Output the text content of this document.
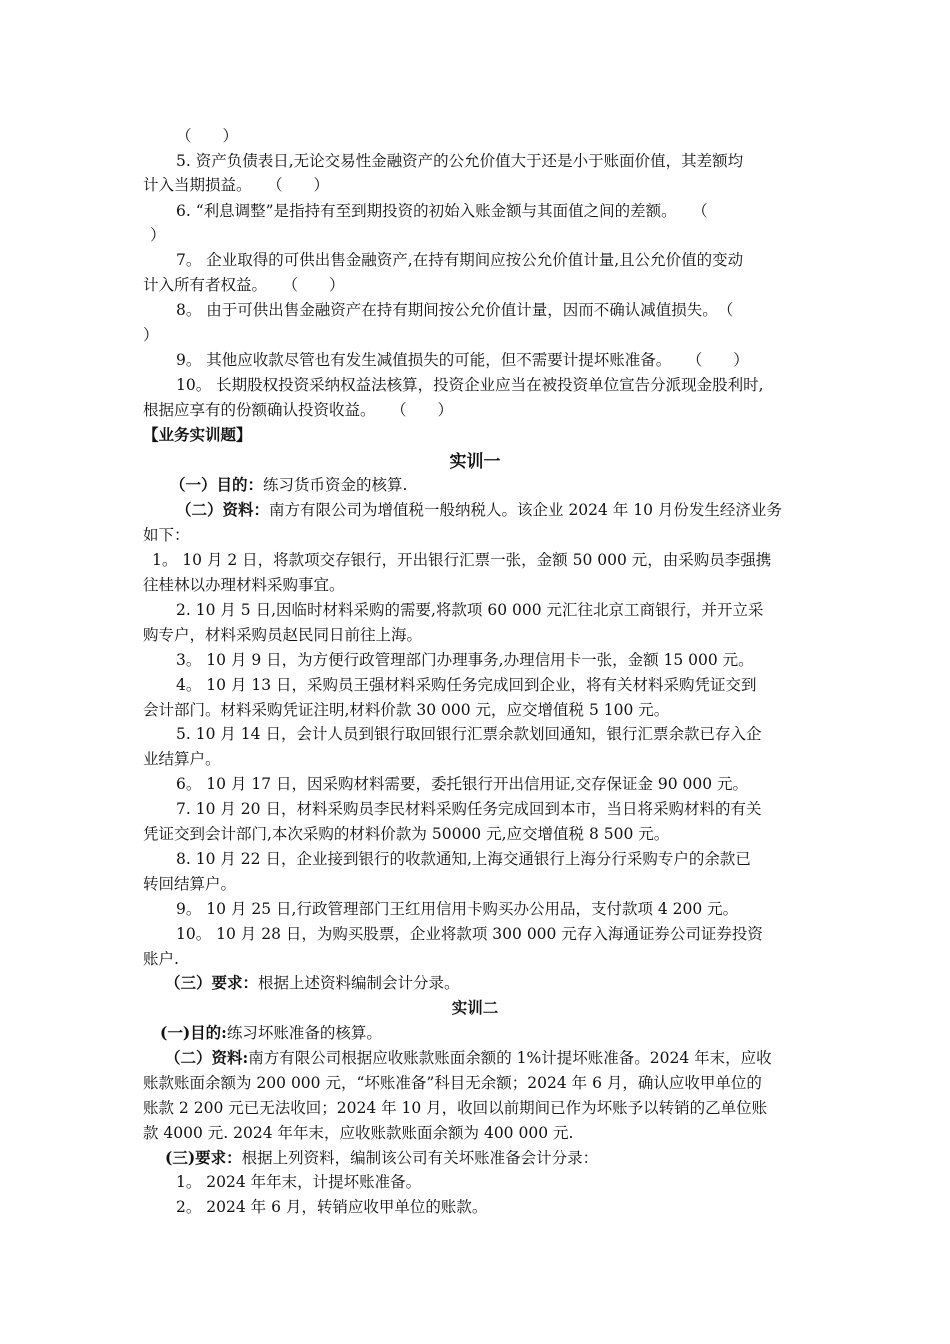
（　　）
5. 资产负债表日,无论交易性金融资产的公允价值大于还是小于账面价值，其差额均
计入当期损益。　　（　　）
6. “利息调整”是指持有至到期投资的初始入账金额与其面值之间的差额。　　（
）
7。 企业取得的可供出售金融资产,在持有期间应按公允价值计量,且公允价值的变动
计入所有者权益。　　（　　）
8。 由于可供出售金融资产在持有期间按公允价值计量，因而不确认减值损失。　（
）
9。 其他应收款尽管也有发生减值损失的可能，但不需要计提坏账准备。　　（　　）
10。 长期股权投资采纳权益法核算，投资企业应当在被投资单位宣告分派现金股利时,
根据应享有的份额确认投资收益。　　（　　）
【业务实训题】
实训一
（一）目的：练习货币资金的核算.
（二）资料：南方有限公司为增值税一般纳税人。该企业 2024 年 10 月份发生经济业务
如下：
1。 10 月 2 日，将款项交存银行，开出银行汇票一张，金额 50 000 元，由采购员李强携
往桂林以办理材料采购事宜。
2. 10 月 5 日,因临时材料采购的需要,将款项 60 000 元汇往北京工商银行，并开立采
购专户，材料采购员赵民同日前往上海。
3。 10 月 9 日，为方便行政管理部门办理事务,办理信用卡一张，金额 15 000 元。
4。 10 月 13 日，采购员王强材料采购任务完成回到企业，将有关材料采购凭证交到
会计部门。材料采购凭证注明,材料价款 30 000 元，应交增值税 5 100 元。
5. 10 月 14 日，会计人员到银行取回银行汇票余款划回通知，银行汇票余款已存入企
业结算户。
6。 10 月 17 日，因采购材料需要，委托银行开出信用证,交存保证金 90 000 元。
7. 10 月 20 日，材料采购员李民材料采购任务完成回到本市，当日将采购材料的有关
凭证交到会计部门,本次采购的材料价款为 50000 元,应交增值税 8 500 元。
8. 10 月 22 日，企业接到银行的收款通知,上海交通银行上海分行采购专户的余款已
转回结算户。
9。 10 月 25 日,行政管理部门王红用信用卡购买办公用品，支付款项 4 200 元。
10。 10 月 28 日，为购买股票，企业将款项 300 000 元存入海通证券公司证券投资
账户.
（三）要求：根据上述资料编制会计分录。
实训二
(一)目的:练习坏账准备的核算。
（二）资料:南方有限公司根据应收账款账面余额的 1%计提坏账准备。2024 年末，应收
账款账面余额为 200 000 元，“坏账准备”科目无余额；2024 年 6 月，确认应收甲单位的
账款 2 200 元已无法收回；2024 年 10 月，收回以前期间已作为坏账予以转销的乙单位账
款 4000 元. 2024 年年末，应收账款账面余额为 400 000 元.
(三)要求：根据上列资料，编制该公司有关坏账准备会计分录：
1。 2024 年年末，计提坏账准备。
2。 2024 年 6 月，转销应收甲单位的账款。
